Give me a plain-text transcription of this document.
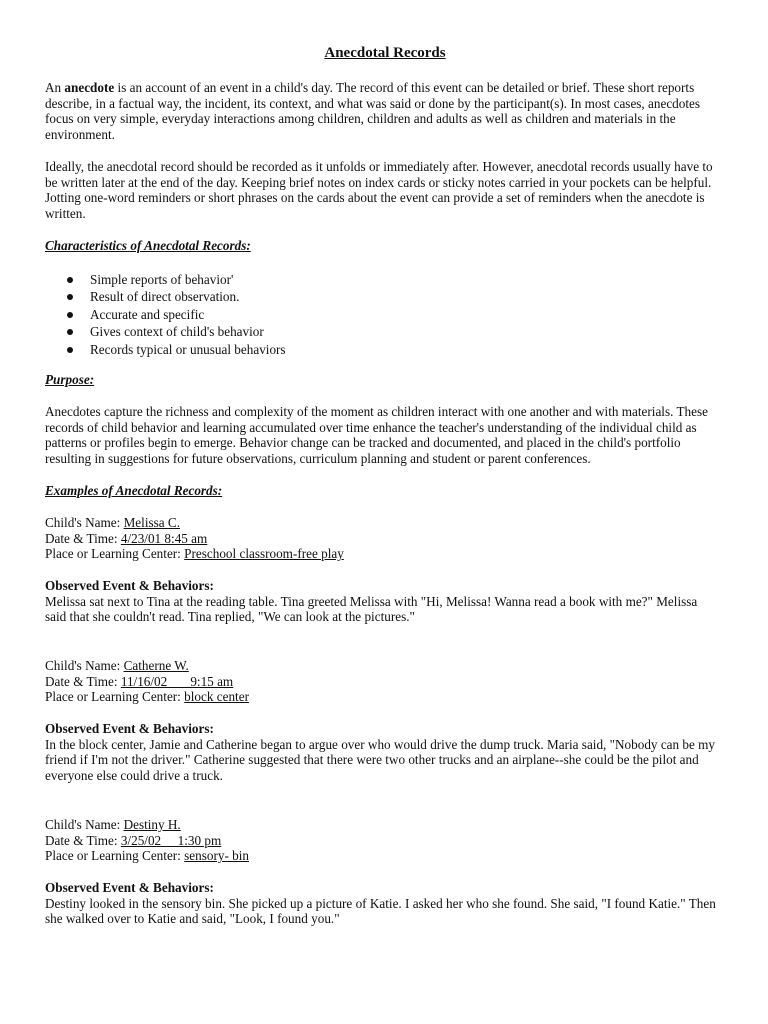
Anecdotal Records

An anecdote is an account of an event in a child's day. The record of this event can be detailed or brief. These short reports describe, in a factual way, the incident, its context, and what was said or done by the participant(s). In most cases, anecdotes focus on very simple, everyday interactions among children, children and adults as well as children and materials in the environment.

Ideally, the anecdotal record should be recorded as it unfolds or immediately after. However, anecdotal records usually have to be written later at the end of the day. Keeping brief notes on index cards or sticky notes carried in your pockets can be helpful. Jotting one-word reminders or short phrases on the cards about the event can provide a set of reminders when the anecdote is written.

Characteristics of Anecdotal Records:

Simple reports of behavior'
Result of direct observation.
Accurate and specific
Gives context of child's behavior
Records typical or unusual behaviors

Purpose:

Anecdotes capture the richness and complexity of the moment as children interact with one another and with materials. These records of child behavior and learning accumulated over time enhance the teacher's understanding of the individual child as patterns or profiles begin to emerge. Behavior change can be tracked and documented, and placed in the child's portfolio resulting in suggestions for future observations, curriculum planning and student or parent conferences.

Examples of Anecdotal Records:

Child's Name: Melissa C.
Date & Time: 4/23/01 8:45 am
Place or Learning Center: Preschool classroom-free play

Observed Event & Behaviors:

Melissa sat next to Tina at the reading table. Tina greeted Melissa with "Hi, Melissa! Wanna read a book with me?" Melissa said that she couldn't read. Tina replied, "We can look at the pictures."

Child's Name: Catherne W.
Date & Time: 11/16/02       9:15 am
Place or Learning Center: block center

Observed Event & Behaviors:

In the block center, Jamie and Catherine began to argue over who would drive the dump truck. Maria said, "Nobody can be my friend if I'm not the driver." Catherine suggested that there were two other trucks and an airplane--she could be the pilot and everyone else could drive a truck.

Child's Name: Destiny H.
Date & Time: 3/25/02     1:30 pm
Place or Learning Center: sensory- bin

Observed Event & Behaviors:

Destiny looked in the sensory bin. She picked up a picture of Katie. I asked her who she found. She said, "I found Katie." Then she walked over to Katie and said, "Look, I found you."
